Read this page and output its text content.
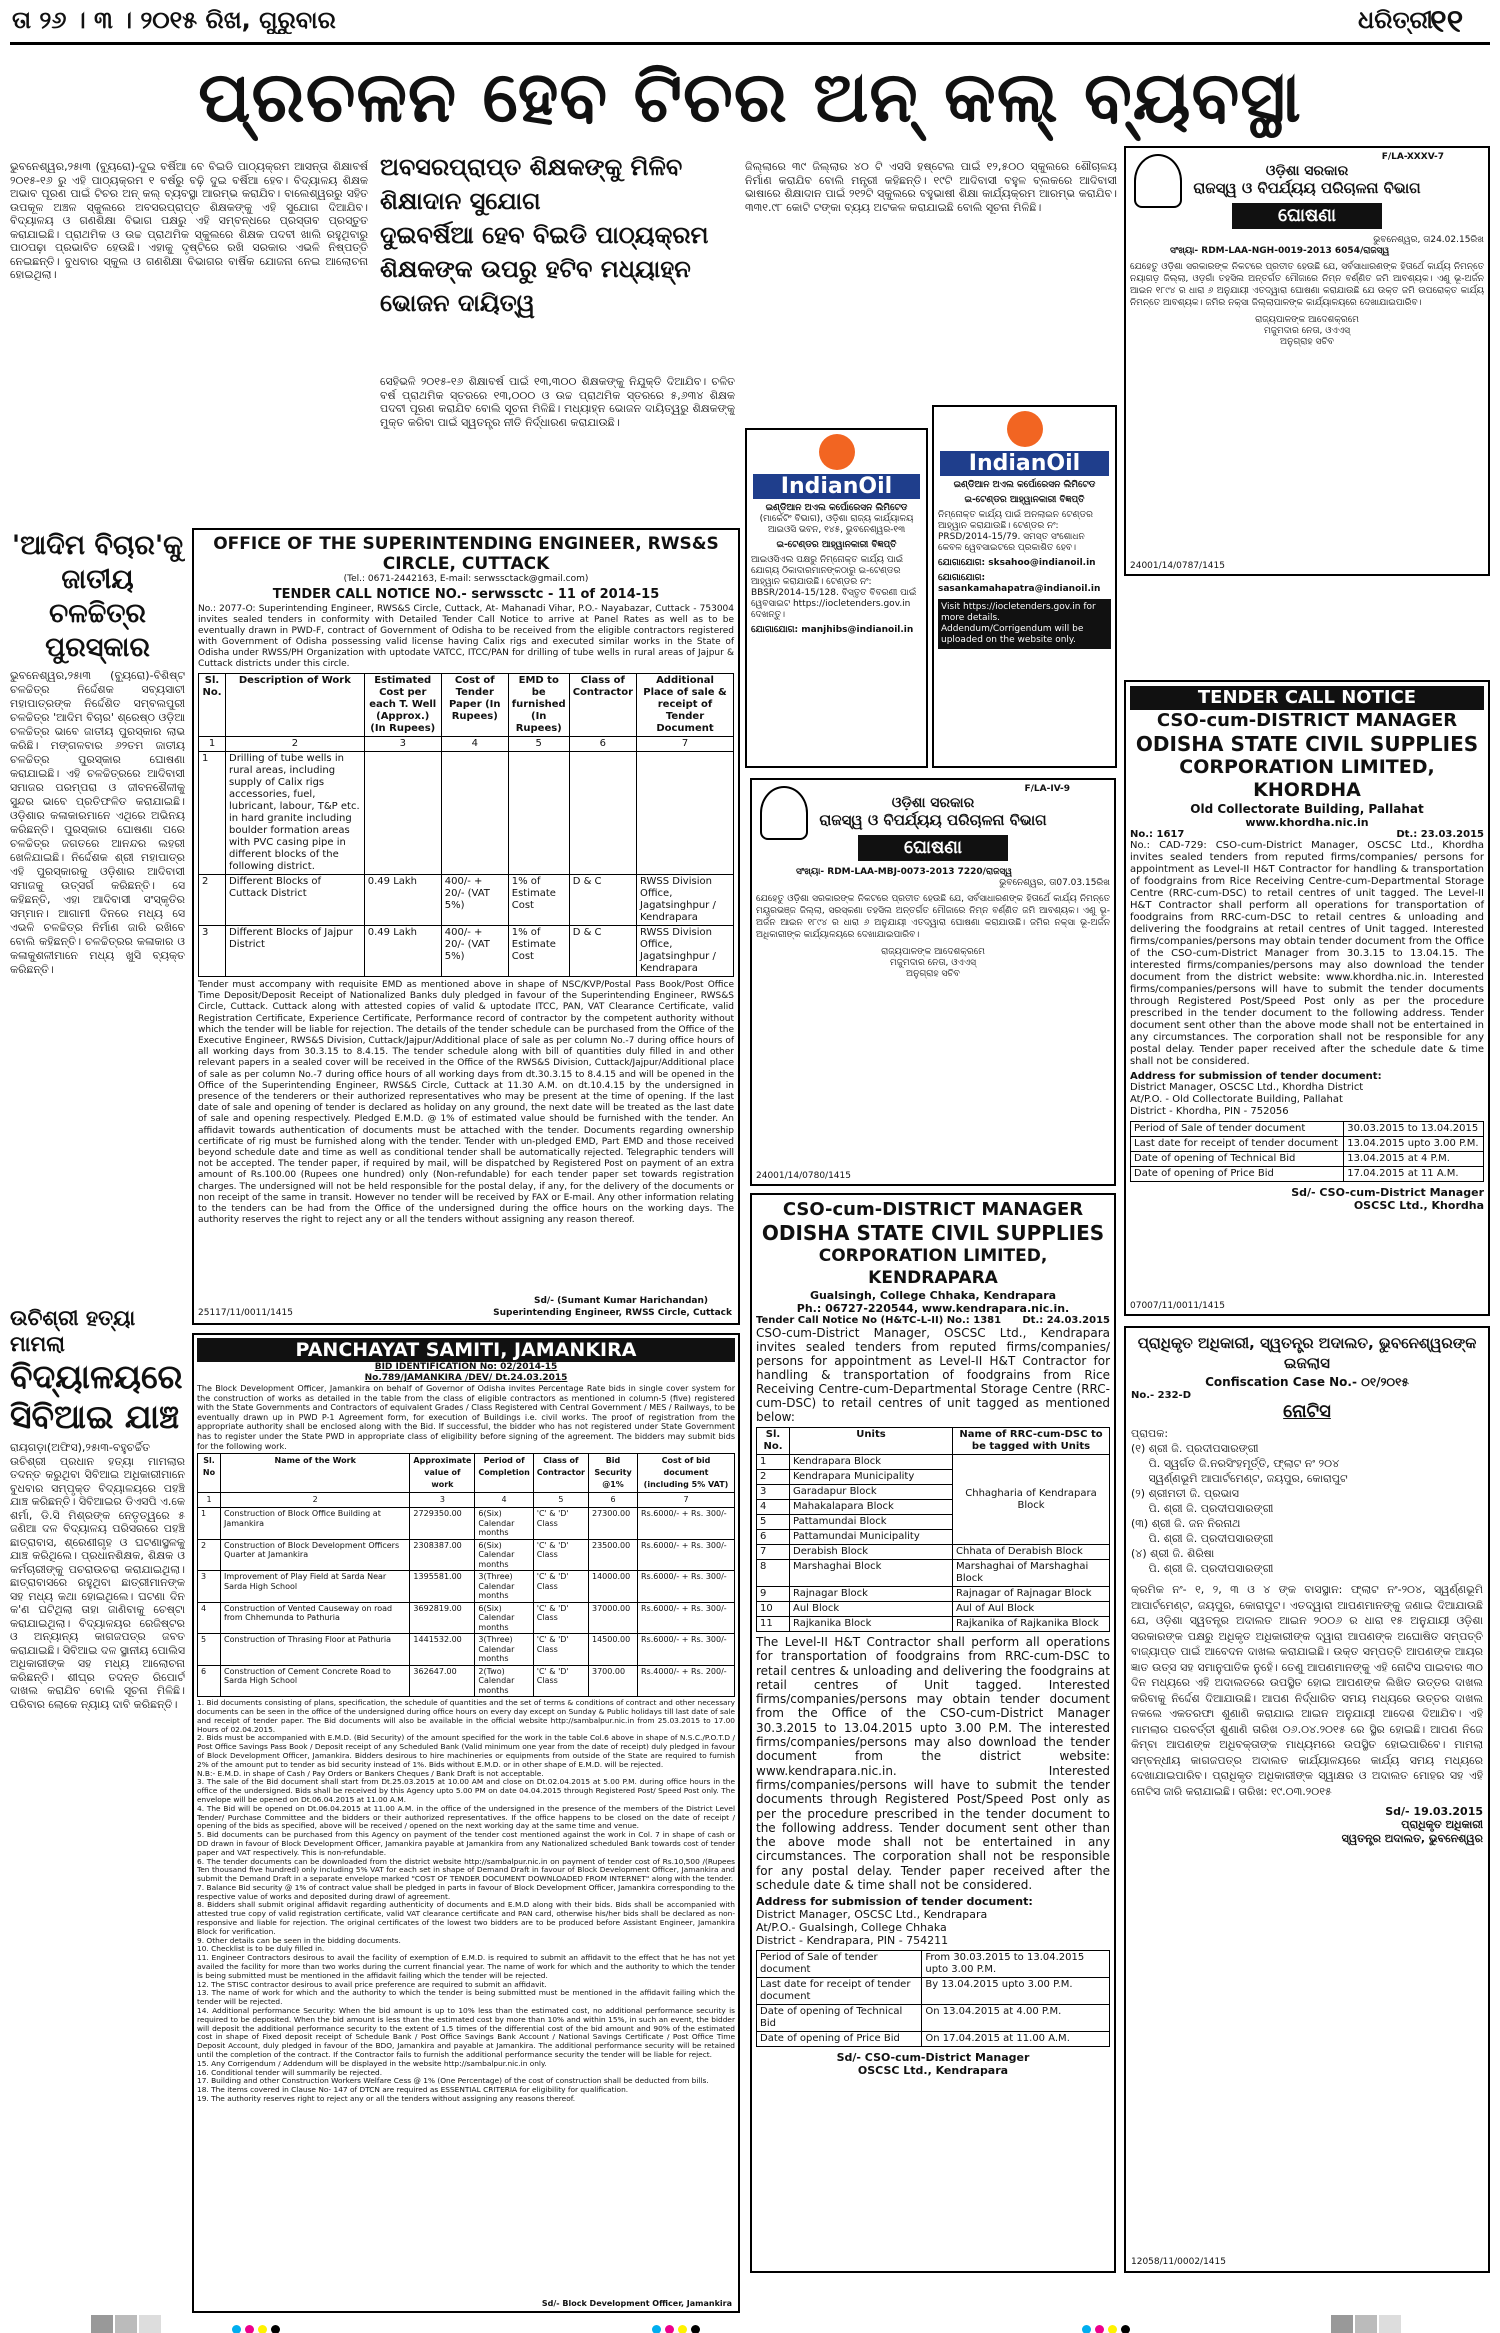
ତା ୨୬ । ୩ । ୨୦୧୫ ରିଖ, ଗୁରୁବାର	ଧରିତ୍ରୀ
୧୧
ପ୍ରଚଳନ ହେବ ଟିଚର ଅନ୍ କଲ୍ ବ୍ୟବସ୍ଥା
ଭୁବନେଶ୍ୱର,୨୫ା୩ (ବ୍ୟୁରୋ)-ଦୁଇ ବର୍ଷିଆ ବେ ବିଇଡି ପାଠ୍ୟକ୍ରମ ଆସନ୍ତା ଶିକ୍ଷାବର୍ଷ ୨୦୧୫-୧୬ ରୁ ଏହି ପାଠ୍ୟକ୍ରମ ୧ ବର୍ଷରୁ ବଢ଼ି ଦୁଇ ବର୍ଷିଆ ହେବ। ବିଦ୍ୟାଳୟ ଶିକ୍ଷକ ଅଭାବ ପୂରଣ ପାଇଁ ଟିଚର ଅନ୍ କଲ୍ ବ୍ୟବସ୍ଥା ଆରମ୍ଭ କରାଯିବ। ବାଲେଶ୍ୱରରୁ ସହିତ ଉପକୂଳ ଅଞ୍ଚଳ ସ୍କୁଲରେ ଅବସରପ୍ରାପ୍ତ ଶିକ୍ଷକଙ୍କୁ ଏହି ସୁଯୋଗ ଦିଆଯିବ। ବିଦ୍ୟାଳୟ ଓ ଗଣଶିକ୍ଷା ବିଭାଗ ପକ୍ଷରୁ ଏହି ସମ୍ବନ୍ଧରେ ପ୍ରସ୍ତାବ ପ୍ରସ୍ତୁତ କରାଯାଇଛି। ପ୍ରାଥମିକ ଓ ଉଚ୍ଚ ପ୍ରାଥମିକ ସ୍କୁଲରେ ଶିକ୍ଷକ ପଦବୀ ଖାଲି ରହୁଥିବାରୁ ପାଠପଢ଼ା ପ୍ରଭାବିତ ହେଉଛି। ଏହାକୁ ଦୃଷ୍ଟିରେ ରଖି ସରକାର ଏଭଳି ନିଷ୍ପତ୍ତି ନେଇଛନ୍ତି। ବୁଧବାର ସ୍କୁଲ ଓ ଗଣଶିକ୍ଷା ବିଭାଗର ବାର୍ଷିକ ଯୋଜନା ନେଇ ଆଲୋଚନା ହୋଇଥିଲା।
ଅବସରପ୍ରାପ୍ତ ଶିକ୍ଷକଙ୍କୁ ମିଳିବ ଶିକ୍ଷାଦାନ ସୁଯୋଗ
ଦୁଇବର୍ଷିଆ ହେବ ବିଇଡି ପାଠ୍ୟକ୍ରମ
ଶିକ୍ଷକଙ୍କ ଉପରୁ ହଟିବ ମଧ୍ୟାହ୍ନ ଭୋଜନ ଦାୟିତ୍ୱ
ସେହିଭଳି ୨୦୧୫-୧୬ ଶିକ୍ଷାବର୍ଷ ପାଇଁ ୧୩,୩୦୦ ଶିକ୍ଷକଙ୍କୁ ନିଯୁକ୍ତି ଦିଆଯିବ। ଚଳିତ ବର୍ଷ ପ୍ରାଥମିକ ସ୍ତରରେ ୧୩,୦୦୦ ଓ ଉଚ୍ଚ ପ୍ରାଥମିକ ସ୍ତରରେ ୫,୬୩୪ ଶିକ୍ଷକ ପଦବୀ ପୂରଣ କରାଯିବ ବୋଲି ସୂଚନା ମିଳିଛି। ମଧ୍ୟାହ୍ନ ଭୋଜନ ଦାୟିତ୍ୱରୁ ଶିକ୍ଷକଙ୍କୁ ମୁକ୍ତ କରିବା ପାଇଁ ସ୍ୱତନ୍ତ୍ର ନୀତି ନିର୍ଦ୍ଧାରଣ କରାଯାଉଛି।
ଜିଲ୍ଲାରେ ୩୯ ଜିଲ୍ଲାର ୪୦ ଟି ଏସସି ହଷ୍ଟେଲ ପାଇଁ ୧୨,୫୦୦ ସ୍କୁଲରେ ଶୌଚାଳୟ ନିର୍ମାଣ କରାଯିବ ବୋଲି ମନ୍ତ୍ରୀ କହିଛନ୍ତି। ୧୯ଟି ଆଦିବାସୀ ବହୁଳ ବ୍ଲକରେ ଆଦିବାସୀ ଭାଷାରେ ଶିକ୍ଷାଦାନ ପାଇଁ ୨୧୨ଟି ସ୍କୁଲରେ ବହୁଭାଷୀ ଶିକ୍ଷା କାର୍ଯ୍ୟକ୍ରମ ଆରମ୍ଭ କରାଯିବ। ୩୩୧.୯୮ କୋଟି ଟଙ୍କା ବ୍ୟୟ ଅଟକଳ କରାଯାଇଛି ବୋଲି ସୂଚନା ମିଳିଛି।
IndianOil
ଇଣ୍ଡିଆନ ଅଏଲ କର୍ପୋରେସନ ଲିମିଟେଡ
(ମାର୍କେଟିଂ ବିଭାଗ), ଓଡ଼ିଶା ରାଜ୍ୟ କାର୍ଯ୍ୟାଳୟ
ଆଇଓସି ଭବନ, ୧୪୫, ଭୁବନେଶ୍ୱର-୧୩
ଇ-ଟେଣ୍ଡର ଆହ୍ୱାନକାରୀ ବିଜ୍ଞପ୍ତି
ଆଇଓସିଏଲ ପକ୍ଷରୁ ନିମ୍ନୋକ୍ତ କାର୍ଯ୍ୟ ପାଇଁ ଯୋଗ୍ୟ ଠିକାଦାରମାନଙ୍କଠାରୁ ଇ-ଟେଣ୍ଡର ଆହ୍ୱାନ କରାଯାଉଛି। ଟେଣ୍ଡର ନଂ: BBSR/2014-15/128. ବିସ୍ତୃତ ବିବରଣୀ ପାଇଁ ୱେବସାଇଟ https://iocletenders.gov.in ଦେଖନ୍ତୁ।
ଯୋଗାଯୋଗ: manjhibs@indianoil.in
IndianOil
ଇଣ୍ଡିଆନ ଅଏଲ କର୍ପୋରେସନ ଲିମିଟେଡ
ଇ-ଟେଣ୍ଡର ଆହ୍ୱାନକାରୀ ବିଜ୍ଞପ୍ତି
ନିମ୍ନୋକ୍ତ କାର୍ଯ୍ୟ ପାଇଁ ଅନଲାଇନ ଟେଣ୍ଡର ଆହ୍ୱାନ କରାଯାଉଛି। ଟେଣ୍ଡର ନଂ: PRSD/2014-15/79. ସମସ୍ତ ସଂଶୋଧନ କେବଳ ୱେବସାଇଟରେ ପ୍ରକାଶିତ ହେବ।
ଯୋଗାଯୋଗ: sksahoo@indianoil.in
ଯୋଗାଯୋଗ: sasankamahapatra@indianoil.in
Visit https://iocletenders.gov.in for more details. Addendum/Corrigendum will be uploaded on the website only.
OFFICE OF THE SUPERINTENDING ENGINEER, RWS&S CIRCLE, CUTTACK
(Tel.: 0671-2442163, E-mail: serwssctack@gmail.com)
TENDER CALL NOTICE NO.- serwssctc - 11 of 2014-15
No.: 2077-O: Superintending Engineer, RWS&S Circle, Cuttack, At- Mahanadi Vihar, P.O.- Nayabazar, Cuttack - 753004 invites sealed tenders in conformity with Detailed Tender Call Notice to arrive at Panel Rates as well as to be eventually drawn in PWD-F, contract of Government of Odisha to be received from the eligible contractors registered with Government of Odisha possessing valid license having Calix rigs and executed similar works in the State of Odisha under RWSS/PH Organization with uptodate VATCC, ITCC/PAN for drilling of tube wells in rural areas of Jajpur & Cuttack districts under this circle.
Sl. No.	Description of Work	Estimated Cost per each T. Well (Approx.) (In Rupees)	Cost of Tender Paper (In Rupees)	EMD to be furnished (In Rupees)	Class of Contractor	Additional Place of sale & receipt of Tender Document
1	2	3	4	5	6	7
1	Drilling of tube wells in rural areas, including supply of Calix rigs accessories, fuel, lubricant, labour, T&P etc. in hard granite including boulder formation areas with PVC casing pipe in different blocks of the following district.					
2	Different Blocks of Cuttack District	0.49 Lakh	400/- + 20/- (VAT 5%)	1% of Estimate Cost	D & C	RWSS Division Office, Jagatsinghpur / Kendrapara
3	Different Blocks of Jajpur District	0.49 Lakh	400/- + 20/- (VAT 5%)	1% of Estimate Cost	D & C	RWSS Division Office, Jagatsinghpur / Kendrapara
Tender must accompany with requisite EMD as mentioned above in shape of NSC/KVP/Postal Pass Book/Post Office Time Deposit/Deposit Receipt of Nationalized Banks duly pledged in favour of the Superintending Engineer, RWS&S Circle, Cuttack. Cuttack along with attested copies of valid & uptodate ITCC, PAN, VAT Clearance Certificate, valid Registration Certificate, Experience Certificate, Performance record of contractor by the competent authority without which the tender will be liable for rejection. The details of the tender schedule can be purchased from the Office of the Executive Engineer, RWS&S Division, Cuttack/Jajpur/Additional place of sale as per column No.-7 during office hours of all working days from 30.3.15 to 8.4.15. The tender schedule along with bill of quantities duly filled in and other relevant papers in a sealed cover will be received in the Office of the RWS&S Division, Cuttack/Jajpur/Additional place of sale as per column No.-7 during office hours of all working days from dt.30.3.15 to 8.4.15 and will be opened in the Office of the Superintending Engineer, RWS&S Circle, Cuttack at 11.30 A.M. on dt.10.4.15 by the undersigned in presence of the tenderers or their authorized representatives who may be present at the time of opening. If the last date of sale and opening of tender is declared as holiday on any ground, the next date will be treated as the last date of sale and opening respectively. Pledged E.M.D. @ 1% of estimated value should be furnished with the tender. An affidavit towards authentication of documents must be attached with the tender. Documents regarding ownership certificate of rig must be furnished along with the tender. Tender with un-pledged EMD, Part EMD and those received beyond schedule date and time as well as conditional tender shall be automatically rejected. Telegraphic tenders will not be accepted. The tender paper, if required by mail, will be dispatched by Registered Post on payment of an extra amount of Rs.100.00 (Rupees one hundred) only (Non-refundable) for each tender paper set towards registration charges. The undersigned will not be held responsible for the postal delay, if any, for the delivery of the documents or non receipt of the same in transit. However no tender will be received by FAX or E-mail. Any other information relating to the tenders can be had from the Office of the undersigned during the office hours on the working days. The authority reserves the right to reject any or all the tenders without assigning any reason thereof.
25117/11/0011/1415
Sd/- (Sumant Kumar Harichandan)
Superintending Engineer, RWSS Circle, Cuttack
'ଆଦିମ ବିଚାର'କୁ ଜାତୀୟ ଚଳଚ୍ଚିତ୍ର ପୁରସ୍କାର
ଭୁବନେଶ୍ୱର,୨୫ା୩ (ବ୍ୟୁରୋ)-ବିଶିଷ୍ଟ ଚଳଚ୍ଚିତ୍ର ନିର୍ଦ୍ଦେଶକ ସବ୍ୟସାଚୀ ମହାପାତ୍ରଙ୍କ ନିର୍ଦ୍ଦେଶିତ ସମ୍ବଲପୁରୀ ଚଳଚ୍ଚିତ୍ର 'ଆଦିମ ବିଚାର' ଶ୍ରେଷ୍ଠ ଓଡ଼ିଆ ଚଳଚ୍ଚିତ୍ର ଭାବେ ଜାତୀୟ ପୁରସ୍କାର ଲାଭ କରିଛି। ମଙ୍ଗଳବାର ୬୨ତମ ଜାତୀୟ ଚଳଚ୍ଚିତ୍ର ପୁରସ୍କାର ଘୋଷଣା କରାଯାଇଛି। ଏହି ଚଳଚ୍ଚିତ୍ରରେ ଆଦିବାସୀ ସମାଜର ପରମ୍ପରା ଓ ଜୀବନଶୈଳୀକୁ ସୁନ୍ଦର ଭାବେ ପ୍ରତିଫଳିତ କରାଯାଇଛି। ଓଡ଼ିଶାର କଳାକାରମାନେ ଏଥିରେ ଅଭିନୟ କରିଛନ୍ତି। ପୁରସ୍କାର ଘୋଷଣା ପରେ ଚଳଚ୍ଚିତ୍ର ଜଗତରେ ଆନନ୍ଦର ଲହରୀ ଖେଳିଯାଇଛି। ନିର୍ଦ୍ଦେଶକ ଶ୍ରୀ ମହାପାତ୍ର ଏହି ପୁରସ୍କାରକୁ ଓଡ଼ିଶାର ଆଦିବାସୀ ସମାଜକୁ ଉତ୍ସର୍ଗ କରିଛନ୍ତି। ସେ କହିଛନ୍ତି, ଏହା ଆଦିବାସୀ ସଂସ୍କୃତିର ସମ୍ମାନ। ଆଗାମୀ ଦିନରେ ମଧ୍ୟ ସେ ଏଭଳି ଚଳଚ୍ଚିତ୍ର ନିର୍ମାଣ ଜାରି ରଖିବେ ବୋଲି କହିଛନ୍ତି। ଚଳଚ୍ଚିତ୍ରର କଳାକାର ଓ କଳାକୁଶଳୀମାନେ ମଧ୍ୟ ଖୁସି ବ୍ୟକ୍ତ କରିଛନ୍ତି।
ଉଚିଶ୍ରୀ ହତ୍ୟା ମାମଲା
ବିଦ୍ୟାଳୟରେ ସିବିଆଇ ଯାଞ୍ଚ
ରାୟଗଡ଼ା(ଅଫିସ),୨୫ା୩-ବହୁଚର୍ଚ୍ଚିତ ଉଚିଶ୍ରୀ ପ୍ରଧାନ ହତ୍ୟା ମାମଲାର ତଦନ୍ତ କରୁଥିବା ସିବିଆଇ ଅଧିକାରୀମାନେ ବୁଧବାର ସମ୍ପୃକ୍ତ ବିଦ୍ୟାଳୟରେ ପହଞ୍ଚି ଯାଞ୍ଚ କରିଛନ୍ତି। ସିବିଆଇର ଡିଏସପି ଏ.କେ ଶର୍ମା, ଡି.ସି ମିଶ୍ରଙ୍କ ନେତୃତ୍ୱରେ ୫ ଜଣିଆ ଦଳ ବିଦ୍ୟାଳୟ ପରିସରରେ ପହଞ୍ଚି ଛାତ୍ରାବାସ, ଶ୍ରେଣୀଗୃହ ଓ ଘଟଣାସ୍ଥଳକୁ ଯାଞ୍ଚ କରିଥିଲେ। ପ୍ରଧାନଶିକ୍ଷକ, ଶିକ୍ଷକ ଓ କର୍ମଚାରୀଙ୍କୁ ପଚରାଉଚରା କରାଯାଇଥିଲା। ଛାତ୍ରାବାସରେ ରହୁଥିବା ଛାତ୍ରୀମାନଙ୍କ ସହ ମଧ୍ୟ କଥା ହୋଇଥିଲେ। ଘଟଣା ଦିନ କ'ଣ ଘଟିଥିଲା ତାହା ଜାଣିବାକୁ ଚେଷ୍ଟା କରାଯାଇଥିଲା। ବିଦ୍ୟାଳୟର ରେଜିଷ୍ଟର ଓ ଅନ୍ୟାନ୍ୟ କାଗଜପତ୍ର ଜବତ କରାଯାଇଛି। ସିବିଆଇ ଦଳ ସ୍ଥାନୀୟ ପୋଲିସ ଅଧିକାରୀଙ୍କ ସହ ମଧ୍ୟ ଆଲୋଚନା କରିଛନ୍ତି। ଶୀଘ୍ର ତଦନ୍ତ ରିପୋର୍ଟ ଦାଖଲ କରାଯିବ ବୋଲି ସୂଚନା ମିଳିଛି। ପରିବାର ଲୋକେ ନ୍ୟାୟ ଦାବି କରିଛନ୍ତି।
PANCHAYAT SAMITI, JAMANKIRA
BID IDENTIFICATION No: 02/2014-15
No.789/JAMANKIRA /DEV/ Dt.24.03.2015
The Block Development Officer, Jamankira on behalf of Governor of Odisha invites Percentage Rate bids in single cover system for the construction of works as detailed in the table from the class of eligible contractors as mentioned in column-5 (five) registered with the State Governments and Contractors of equivalent Grades / Class Registered with Central Government / MES / Railways, to be eventually drawn up in PWD P-1 Agreement form, for execution of Buildings i.e. civil works. The proof of registration from the appropriate authority shall be enclosed along with the Bid. If successful, the bidder who has not registered under State Government has to register under the State PWD in appropriate class of eligibility before signing of the agreement. The bidders may submit bids for the following work.
Sl. No	Name of the Work	Approximate value of work	Period of Completion	Class of Contractor	Bid Security @1%	Cost of bid document (including 5% VAT)
1	2	3	4	5	6	7
1	Construction of Block Office Building at Jamankira	2729350.00	6(Six) Calendar months	'C' & 'D' Class	27300.00	Rs.6000/- + Rs. 300/-
2	Construction of Block Development Officers Quarter at Jamankira	2308387.00	6(Six) Calendar months	'C' & 'D' Class	23500.00	Rs.6000/- + Rs. 300/-
3	Improvement of Play Field at Sarda Near Sarda High School	1395581.00	3(Three) Calendar months	'C' & 'D' Class	14000.00	Rs.6000/- + Rs. 300/-
4	Construction of Vented Causeway on road from Chhemunda to Pathuria	3692819.00	6(Six) Calendar months	'C' & 'D' Class	37000.00	Rs.6000/- + Rs. 300/-
5	Construction of Thrasing Floor at Pathuria	1441532.00	3(Three) Calendar months	'C' & 'D' Class	14500.00	Rs.6000/- + Rs. 300/-
6	Construction of Cement Concrete Road to Sarda High School	362647.00	2(Two) Calendar months	'C' & 'D' Class	3700.00	Rs.4000/- + Rs. 200/-
1. Bid documents consisting of plans, specification, the schedule of quantities and the set of terms & conditions of contract and other necessary documents can be seen in the office of the undersigned during office hours on every day except on Sunday & Public holidays till last date of sale and receipt of tender paper. The Bid documents will also be available in the official website http://sambalpur.nic.in from 25.03.2015 to 17.00 Hours of 02.04.2015.
2. Bids must be accompanied with E.M.D. (Bid Security) of the amount specified for the work in the table Col.6 above in shape of N.S.C./P.O.T.D / Post Office Savings Pass Book / Deposit receipt of any Scheduled Bank (Valid minimum one year from the date of receipt) duly pledged in favour of Block Development Officer, Jamankira. Bidders desirous to hire machineries or equipments from outside of the State are required to furnish 2% of the amount put to tender as bid security instead of 1%. Bids without E.M.D. or in other shape of E.M.D. will be rejected.
N.B:- E.M.D. in shape of Cash / Pay Orders or Bankers Cheques / Bank Draft is not acceptable.
3. The sale of the Bid document shall start from Dt.25.03.2015 at 10.00 AM and close on Dt.02.04.2015 at 5.00 P.M. during office hours in the office of the undersigned. Bids shall be received by this Agency upto 5.00 PM on date 04.04.2015 through Registered Post/ Speed Post only. The envelope will be opened on Dt.06.04.2015 at 11.00 A.M.
4. The Bid will be opened on Dt.06.04.2015 at 11.00 A.M. in the office of the undersigned in the presence of the members of the District Level Tender/ Purchase Committee and the bidders or their authorized representatives. If the office happens to be closed on the date of receipt / opening of the bids as specified, above will be received / opened on the next working day at the same time and venue.
5. Bid documents can be purchased from this Agency on payment of the tender cost mentioned against the work in Col. 7 in shape of cash or DD drawn in favour of Block Development Officer, Jamankira payable at Jamankira from any Nationalized scheduled Bank towards cost of tender paper and VAT respectively. This is non-refundable.
6. The tender documents can be downloaded from the district website http://sambalpur.nic.in on payment of tender cost of Rs.10,500 /(Rupees Ten thousand five hundred) only including 5% VAT for each set in shape of Demand Draft in favour of Block Development Officer, Jamankira and submit the Demand Draft in a separate envelope marked "COST OF TENDER DOCUMENT DOWNLOADED FROM INTERNET" along with the tender.
7. Balance Bid security @ 1% of contract value shall be pledged in parts in favour of Block Development Officer, Jamankira corresponding to the respective value of works and deposited during drawl of agreement.
8. Bidders shall submit original affidavit regarding authenticity of documents and E.M.D along with their bids. Bids shall be accompanied with attested true copy of valid registration certificate, valid VAT clearance certificate and PAN card, otherwise his/her bids shall be declared as non-responsive and liable for rejection. The original certificates of the lowest two bidders are to be produced before Assistant Engineer, Jamankira Block for verification.
9. Other details can be seen in the bidding documents.
10. Checklist is to be duly filled in.
11. Engineer Contractors desirous to avail the facility of exemption of E.M.D. is required to submit an affidavit to the effect that he has not yet availed the facility for more than two works during the current financial year. The name of work for which and the authority to which the tender is being submitted must be mentioned in the affidavit failing which the tender will be rejected.
12. The STISC contractor desirous to avail price preference are required to submit an affidavit.
13. The name of work for which and the authority to which the tender is being submitted must be mentioned in the affidavit failing which the tender will be rejected.
14. Additional performance Security: When the bid amount is up to 10% less than the estimated cost, no additional performance security is required to be deposited. When the bid amount is less than the estimated cost by more than 10% and within 15%, in such an event, the bidder will deposit the additional performance security to the extent of 1.5 times of the differential cost of the bid amount and 90% of the estimated cost in shape of Fixed deposit receipt of Schedule Bank / Post Office Savings Bank Account / National Savings Certificate / Post Office Time Deposit Account, duly pledged in favour of the BDO, Jamankira and payable at Jamankira. The additional performance security will be retained until the completion of the contract. If the Contractor fails to furnish the additional performance security the tender will be liable for reject.
15. Any Corrigendum / Addendum will be displayed in the website http://sambalpur.nic.in only.
16. Conditional tender will summarily be rejected.
17. Building and other Construction Workers Welfare Cess @ 1% (One Percentage) of the cost of construction shall be deducted from bills.
18. The items covered in Clause No- 147 of DTCN are required as ESSENTIAL CRITERIA for eligibility for qualification.
19. The authority reserves right to reject any or all the tenders without assigning any reasons thereof.
Sd/- Block Development Officer, Jamankira
F/LA-XXXV-7
ଓଡ଼ିଶା ସରକାର
ରାଜସ୍ୱ ଓ ବିପର୍ଯ୍ୟୟ ପରିଚାଳନା ବିଭାଗ
ଘୋଷଣା
ଭୁବନେଶ୍ୱର, ତା24.02.15ରିଖ
ସଂଖ୍ୟା- RDM-LAA-NGH-0019-2013 6054/ରାଜସ୍ୱ
ଯେହେତୁ ଓଡ଼ିଶା ସରକାରଙ୍କ ନିକଟରେ ପ୍ରତୀତ ହେଉଛି ଯେ, ସର୍ବସାଧାରଣଙ୍କ ହିତାର୍ଥେ କାର୍ଯ୍ୟ ନିମନ୍ତେ ନୟାଗଡ଼ ଜିଲ୍ଲା, ଓଡ଼଼ଗାଁ ତହସିଲ ଅନ୍ତର୍ଗତ ମୌଜାରେ ନିମ୍ନ ବର୍ଣ୍ଣିତ ଜମି ଆବଶ୍ୟକ। ଏଣୁ ଭୂ-ଅର୍ଜନ ଆଇନ ୧୮୯୪ ର ଧାରା ୬ ଅନୁଯାୟୀ ଏତଦ୍ୱାରା ଘୋଷଣା କରାଯାଉଛି ଯେ ଉକ୍ତ ଜମି ଉପରୋକ୍ତ କାର୍ଯ୍ୟ ନିମନ୍ତେ ଆବଶ୍ୟକ। ଜମିର ନକ୍ସା ଜିଲ୍ଲାପାଳଙ୍କ କାର୍ଯ୍ୟାଳୟରେ ଦେଖାଯାଇପାରିବ।
ରାଜ୍ୟପାଳଙ୍କ ଆଦେଶକ୍ରମେ
ମଜୁମଦାର ନେତା, ଓଏଏସ୍
ଅନୁଗ୍ରାହ ସଚିବ
24001/14/0787/1415
TENDER CALL NOTICE
CSO-cum-DISTRICT MANAGER
ODISHA STATE CIVIL SUPPLIES
CORPORATION LIMITED, KHORDHA
Old Collectorate Building, Pallahat
www.khordha.nic.in
No.: 1617	Dt.: 23.03.2015
No.: CAD-729: CSO-cum-District Manager, OSCSC Ltd., Khordha invites sealed tenders from reputed firms/companies/ persons for appointment as Level-II H&T Contractor for handling & transportation of foodgrains from Rice Receiving Centre-cum-Departmental Storage Centre (RRC-cum-DSC) to retail centres of unit tagged. The Level-II H&T Contractor shall perform all operations for transportation of foodgrains from RRC-cum-DSC to retail centres & unloading and delivering the foodgrains at retail centres of Unit tagged. Interested firms/companies/persons may obtain tender document from the Office of the CSO-cum-District Manager from 30.3.15 to 13.04.15. The interested firms/companies/persons may also download the tender document from the district website: www.khordha.nic.in. Interested firms/companies/persons will have to submit the tender documents through Registered Post/Speed Post only as per the procedure prescribed in the tender document to the following address. Tender document sent other than the above mode shall not be entertained in any circumstances. The corporation shall not be responsible for any postal delay. Tender paper received after the schedule date & time shall not be considered.
Address for submission of tender document:
District Manager, OSCSC Ltd., Khordha District
At/P.O. - Old Collectorate Building, Pallahat
District - Khordha, PIN - 752056
Period of Sale of tender document	30.03.2015 to 13.04.2015
Last date for receipt of tender document	13.04.2015 upto 3.00 P.M.
Date of opening of Technical Bid	13.04.2015 at 4 P.M.
Date of opening of Price Bid	17.04.2015 at 11 A.M.
Sd/- CSO-cum-District Manager
OSCSC Ltd., Khordha
07007/11/0011/1415
F/LA-IV-9
ଓଡ଼ିଶା ସରକାର
ରାଜସ୍ୱ ଓ ବିପର୍ଯ୍ୟୟ ପରିଚାଳନା ବିଭାଗ
ଘୋଷଣା
ସଂଖ୍ୟା- RDM-LAA-MBJ-0073-2013 7220/ରାଜସ୍ୱ
ଭୁବନେଶ୍ୱର, ତା07.03.15ରିଖ
ଯେହେତୁ ଓଡ଼ିଶା ସରକାରଙ୍କ ନିକଟରେ ପ୍ରତୀତ ହେଉଛି ଯେ, ସର୍ବସାଧାରଣଙ୍କ ହିତାର୍ଥେ କାର୍ଯ୍ୟ ନିମନ୍ତେ ମୟୂରଭଞ୍ଜ ଜିଲ୍ଲା, ସରସ୍କଣା ତହସିଲ ଅନ୍ତର୍ଗତ ମୌଜାରେ ନିମ୍ନ ବର୍ଣ୍ଣିତ ଜମି ଆବଶ୍ୟକ। ଏଣୁ ଭୂ-ଅର୍ଜନ ଆଇନ ୧୮୯୪ ର ଧାରା ୬ ଅନୁଯାୟୀ ଏତଦ୍ୱାରା ଘୋଷଣା କରାଯାଉଛି। ଜମିର ନକ୍ସା ଭୂ-ଅର୍ଜନ ଅଧିକାରୀଙ୍କ କାର୍ଯ୍ୟାଳୟରେ ଦେଖାଯାଇପାରିବ।
ରାଜ୍ୟପାଳଙ୍କ ଆଦେଶକ୍ରମେ
ମଜୁମଦାର ନେତା, ଓଏଏସ୍
ଅନୁଗ୍ରାହ ସଚିବ
24001/14/0780/1415
CSO-cum-DISTRICT MANAGER
ODISHA STATE CIVIL SUPPLIES
CORPORATION LIMITED, KENDRAPARA
Gualsingh, College Chhaka, Kendrapara
Ph.: 06727-220544, www.kendrapara.nic.in.
Tender Call Notice No (H&TC-L-II) No.: 1381 Dt.: 24.03.2015
CSO-cum-District Manager, OSCSC Ltd., Kendrapara invites sealed tenders from reputed firms/companies/ persons for appointment as Level-II H&T Contractor for handling & transportation of foodgrains from Rice Receiving Centre-cum-Departmental Storage Centre (RRC-cum-DSC) to retail centres of unit tagged as mentioned below:
Sl. No.	Units	Name of RRC-cum-DSC to be tagged with Units
1	Kendrapara Block	Chhagharia of Kendrapara Block
2	Kendrapara Municipality	
3	Garadapur Block	
4	Mahakalapara Block	
5	Pattamundai Block	
6	Pattamundai Municipality	
7	Derabish Block	Chhata of Derabish Block
8	Marshaghai Block	Marshaghai of Marshaghai Block
9	Rajnagar Block	Rajnagar of Rajnagar Block
10	Aul Block	Aul of Aul Block
11	Rajkanika Block	Rajkanika of Rajkanika Block
The Level-II H&T Contractor shall perform all operations for transportation of foodgrains from RRC-cum-DSC to retail centres & unloading and delivering the foodgrains at retail centres of Unit tagged. Interested firms/companies/persons may obtain tender document from the Office of the CSO-cum-District Manager 30.3.2015 to 13.04.2015 upto 3.00 P.M. The interested firms/companies/persons may also download the tender document from the district website: www.kendrapara.nic.in. Interested firms/companies/persons will have to submit the tender documents through Registered Post/Speed Post only as per the procedure prescribed in the tender document to the following address. Tender document sent other than the above mode shall not be entertained in any circumstances. The corporation shall not be responsible for any postal delay. Tender paper received after the schedule date & time shall not be considered.
Address for submission of tender document:
District Manager, OSCSC Ltd., Kendrapara
At/P.O.- Gualsingh, College Chhaka
District - Kendrapara, PIN - 754211
Period of Sale of tender document	From 30.03.2015 to 13.04.2015 upto 3.00 P.M.
Last date for receipt of tender document	By 13.04.2015 upto 3.00 P.M.
Date of opening of Technical Bid	On 13.04.2015 at 4.00 P.M.
Date of opening of Price Bid	On 17.04.2015 at 11.00 A.M.
Sd/- CSO-cum-District Manager
OSCSC Ltd., Kendrapara
ପ୍ରାଧିକୃତ ଅଧିକାରୀ, ସ୍ୱତନ୍ତ୍ର ଅଦାଲତ, ଭୁବନେଶ୍ୱରଙ୍କ ଇଜଲାସ
Confiscation Case No.- ୦୧/୨୦୧୫
No.- 232-D
ନୋଟିସ
ପ୍ରାପକ:
(୧) ଶ୍ରୀ ଜି. ପ୍ରଦୀପସାରଙ୍ଗୀ
ପି. ସ୍ୱର୍ଗତ ଜି.ନରସିଂହମୂର୍ତ୍ତି, ଫ୍ଲାଟ ନଂ ୨୦୪
ସ୍ୱର୍ଣ୍ଣଭୂମି ଆପାର୍ଟମେଣ୍ଟ, ଜୟପୁର, କୋରାପୁଟ
(୨) ଶ୍ରୀମତୀ ଜି. ପ୍ରଭାସ
ପି. ଶ୍ରୀ ଜି. ପ୍ରଦୀପସାରଙ୍ଗୀ
(୩) ଶ୍ରୀ ଜି. ଜନ ନିରନାଥ
ପି. ଶ୍ରୀ ଜି. ପ୍ରଦୀପସାରଙ୍ଗୀ
(୪) ଶ୍ରୀ ଜି. ଶିରିଷା
ପି. ଶ୍ରୀ ଜି. ପ୍ରଦୀପସାରଙ୍ଗୀ
କ୍ରମିକ ନଂ- ୧, ୨, ୩ ଓ ୪ ଙ୍କ ବାସସ୍ଥାନ: ଫ୍ଲାଟ ନଂ-୨୦୪, ସ୍ୱର୍ଣ୍ଣଭୂମି ଆପାର୍ଟମେଣ୍ଟ, ଜୟପୁର, କୋରାପୁଟ। ଏତଦ୍ୱାରା ଆପଣମାନଙ୍କୁ ଜଣାଇ ଦିଆଯାଉଛି ଯେ, ଓଡ଼ିଶା ସ୍ୱତନ୍ତ୍ର ଅଦାଲତ ଆଇନ ୨୦୦୬ ର ଧାରା ୧୫ ଅନୁଯାୟୀ ଓଡ଼ିଶା ସରକାରଙ୍କ ପକ୍ଷରୁ ଅଧିକୃତ ଅଧିକାରୀଙ୍କ ଦ୍ୱାରା ଆପଣଙ୍କ ଅଘୋଷିତ ସମ୍ପତ୍ତି ବାଜ୍ୟାପ୍ତ ପାଇଁ ଆବେଦନ ଦାଖଲ କରାଯାଇଛି। ଉକ୍ତ ସମ୍ପତ୍ତି ଆପଣଙ୍କ ଆୟର ଜ୍ଞାତ ଉତ୍ସ ସହ ସମାନୁପାତିକ ନୁହେଁ। ତେଣୁ ଆପଣମାନଙ୍କୁ ଏହି ନୋଟିସ ପାଇବାର ୩୦ ଦିନ ମଧ୍ୟରେ ଏହି ଅଦାଲତରେ ଉପସ୍ଥିତ ହୋଇ ଆପଣଙ୍କ ଲିଖିତ ଉତ୍ତର ଦାଖଲ କରିବାକୁ ନିର୍ଦ୍ଦେଶ ଦିଆଯାଉଛି। ଆପଣ ନିର୍ଦ୍ଧାରିତ ସମୟ ମଧ୍ୟରେ ଉତ୍ତର ଦାଖଲ ନକଲେ ଏକତରଫା ଶୁଣାଣି କରାଯାଇ ଆଇନ ଅନୁଯାୟୀ ଆଦେଶ ଦିଆଯିବ। ଏହି ମାମଲାର ପରବର୍ତ୍ତୀ ଶୁଣାଣି ତାରିଖ ୦୬.୦୪.୨୦୧୫ ରେ ସ୍ଥିର ହୋଇଛି। ଆପଣ ନିଜେ କିମ୍ବା ଆପଣଙ୍କ ଅଧିବକ୍ତାଙ୍କ ମାଧ୍ୟମରେ ଉପସ୍ଥିତ ହୋଇପାରିବେ। ମାମଲା ସମ୍ବନ୍ଧୀୟ କାଗଜପତ୍ର ଅଦାଲତ କାର୍ଯ୍ୟାଳୟରେ କାର୍ଯ୍ୟ ସମୟ ମଧ୍ୟରେ ଦେଖାଯାଇପାରିବ। ପ୍ରାଧିକୃତ ଅଧିକାରୀଙ୍କ ସ୍ୱାକ୍ଷର ଓ ଅଦାଲତ ମୋହର ସହ ଏହି ନୋଟିସ ଜାରି କରାଯାଇଛି। ତାରିଖ: ୧୯.୦୩.୨୦୧୫
Sd/- 19.03.2015
ପ୍ରାଧିକୃତ ଅଧିକାରୀ
ସ୍ୱତନ୍ତ୍ର ଅଦାଲତ, ଭୁବନେଶ୍ୱର
12058/11/0002/1415
